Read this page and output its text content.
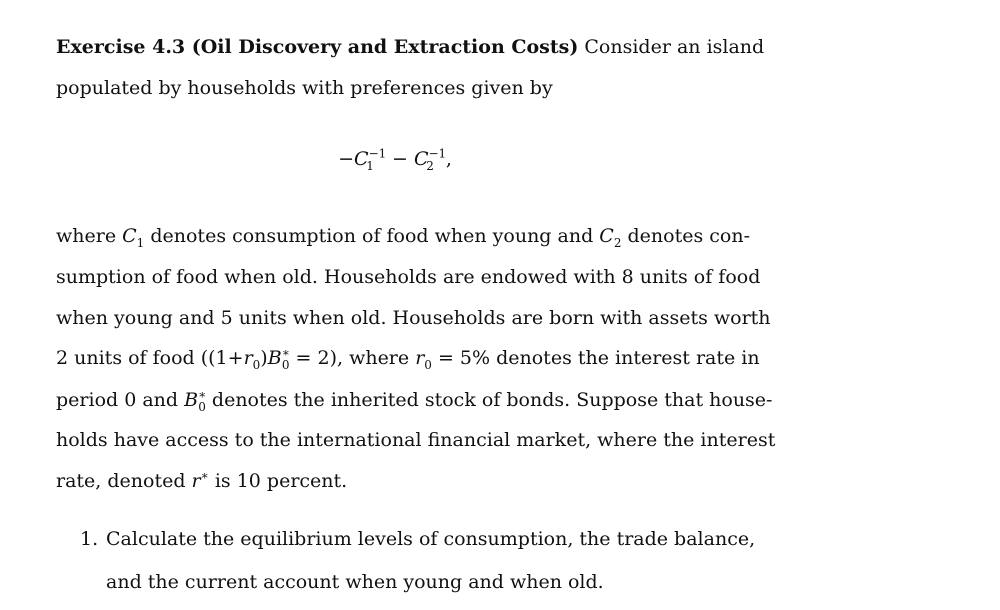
Exercise 4.3 (Oil Discovery and Extraction Costs) Consider an island
populated by households with preferences given by
$-C^{-1}_1 - C^{-1}_2$ ,
where $C_1$ denotes consumption of food when young and $C_2$ denotes con-
sumption of food when old. Households are endowed with 8 units of food
when young and 5 units when old. Households are born with assets worth
2 units of food $((1+r_0)B^∗_0 = 2)$, where $r_0 = 5\%$ denotes the interest rate in
period 0 and $B^∗_0$ denotes the inherited stock of bonds. Suppose that house-
holds have access to the international financial market, where the interest
rate, denoted r∗ is 10 percent.
1. Calculate the equilibrium levels of consumption, the trade balance,
and the current account when young and when old.
